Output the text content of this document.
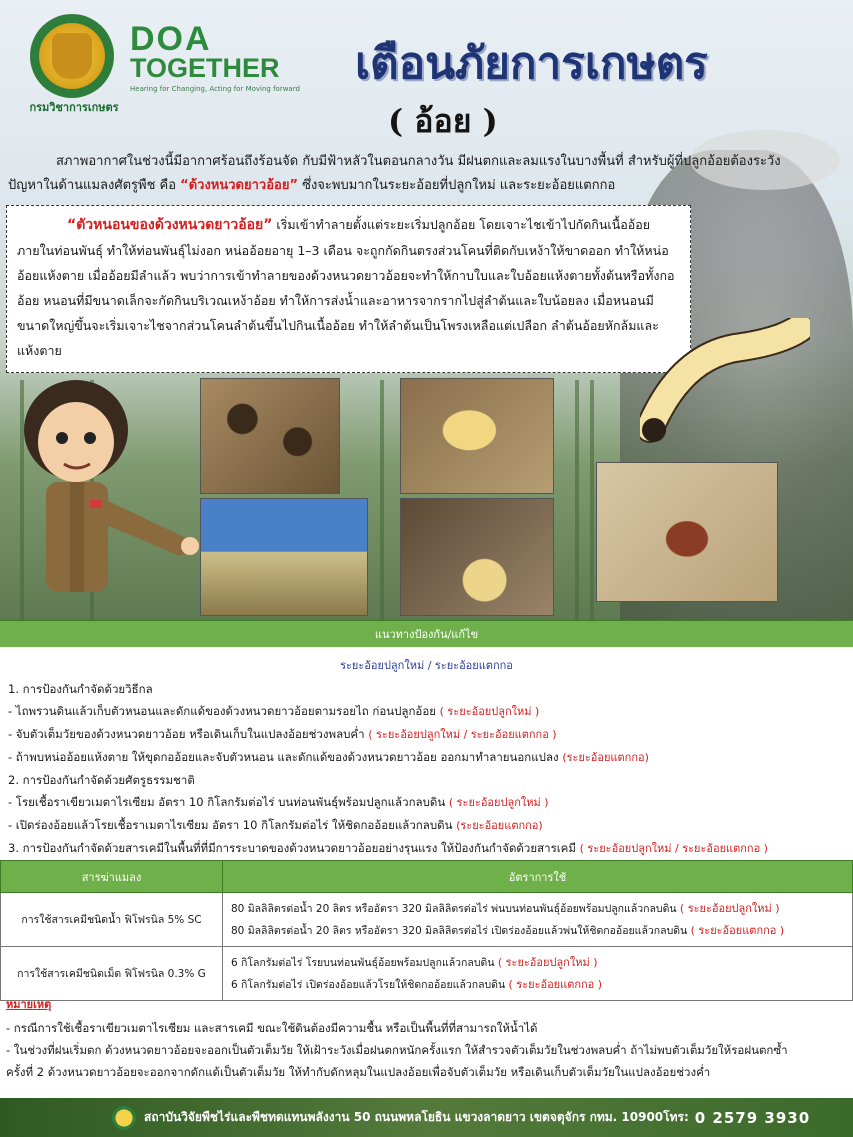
กรมวิชาการเกษตร
DOA
TOGETHER
Hearing for Changing, Acting for Moving forward เตือนภัยการเกษตร
( อ้อย )
สภาพอากาศในช่วงนี้มีอากาศร้อนถึงร้อนจัด กับมีฟ้าหลัวในตอนกลางวัน มีฝนตกและลมแรงในบางพื้นที่ สำหรับผู้ที่ปลูกอ้อยต้องระวังปัญหาในด้านแมลงศัตรูพืช คือ “ด้วงหนวดยาวอ้อย” ซึ่งจะพบมากในระยะอ้อยที่ปลูกใหม่ และระยะอ้อยแตกกอ
“ตัวหนอนของด้วงหนวดยาวอ้อย” เริ่มเข้าทำลายตั้งแต่ระยะเริ่มปลูกอ้อย โดยเจาะไชเข้าไปกัดกินเนื้ออ้อยภายในท่อนพันธุ์ ทำให้ท่อนพันธุ์ไม่งอก หน่ออ้อยอายุ 1–3 เดือน จะถูกกัดกินตรงส่วนโคนที่ติดกับเหง้าให้ขาดออก ทำให้หน่ออ้อยแห้งตาย เมื่ออ้อยมีลำแล้ว พบว่าการเข้าทำลายของด้วงหนวดยาวอ้อยจะทำให้กาบใบและใบอ้อยแห้งตายทั้งต้นหรือทั้งกออ้อย หนอนที่มีขนาดเล็กจะกัดกินบริเวณเหง้าอ้อย ทำให้การส่งน้ำและอาหารจากรากไปสู่ลำต้นและใบน้อยลง เมื่อหนอนมีขนาดใหญ่ขึ้นจะเริ่มเจาะไชจากส่วนโคนลำต้นขึ้นไปกินเนื้ออ้อย ทำให้ลำต้นเป็นโพรงเหลือแต่เปลือก ลำต้นอ้อยหักล้มและแห้งตาย
แนวทางป้องกัน/แก้ไข
ระยะอ้อยปลูกใหม่ / ระยะอ้อยแตกกอ
1. การป้องกันกำจัดด้วยวิธีกล
- ไถพรวนดินแล้วเก็บตัวหนอนและดักแด้ของด้วงหนวดยาวอ้อยตามรอยไถ ก่อนปลูกอ้อย ( ระยะอ้อยปลูกใหม่ )
- จับตัวเต็มวัยของด้วงหนวดยาวอ้อย หรือเดินเก็บในแปลงอ้อยช่วงพลบค่ำ ( ระยะอ้อยปลูกใหม่ / ระยะอ้อยแตกกอ )
- ถ้าพบหน่ออ้อยแห้งตาย ให้ขุดกออ้อยและจับตัวหนอน และดักแด้ของด้วงหนวดยาวอ้อย ออกมาทำลายนอกแปลง (ระยะอ้อยแตกกอ)
2. การป้องกันกำจัดด้วยศัตรูธรรมชาติ
- โรยเชื้อราเขียวเมตาไรเซียม อัตรา 10 กิโลกรัมต่อไร่ บนท่อนพันธุ์พร้อมปลูกแล้วกลบดิน ( ระยะอ้อยปลูกใหม่ )
- เปิดร่องอ้อยแล้วโรยเชื้อราเมตาไรเซียม อัตรา 10 กิโลกรัมต่อไร่ ให้ชิดกออ้อยแล้วกลบดิน (ระยะอ้อยแตกกอ)
3. การป้องกันกำจัดด้วยสารเคมีในพื้นที่ที่มีการระบาดของด้วงหนวดยาวอ้อยอย่างรุนแรง ให้ป้องกันกำจัดด้วยสารเคมี ( ระยะอ้อยปลูกใหม่ / ระยะอ้อยแตกกอ )
สารฆ่าแมลง	อัตราการใช้
การใช้สารเคมีชนิดน้ำ ฟิโฟรนิล 5% SC	80 มิลลิลิตรต่อน้ำ 20 ลิตร หรืออัตรา 320 มิลลิลิตรต่อไร่ พ่นบนท่อนพันธุ์อ้อยพร้อมปลูกแล้วกลบดิน ( ระยะอ้อยปลูกใหม่ )
80 มิลลิลิตรต่อน้ำ 20 ลิตร หรืออัตรา 320 มิลลิลิตรต่อไร่ เปิดร่องอ้อยแล้วพ่นให้ชิดกออ้อยแล้วกลบดิน ( ระยะอ้อยแตกกอ )

การใช้สารเคมีชนิดเม็ด ฟิโฟรนิล 0.3% G	6 กิโลกรัมต่อไร่ โรยบนท่อนพันธุ์อ้อยพร้อมปลูกแล้วกลบดิน ( ระยะอ้อยปลูกใหม่ )
6 กิโลกรัมต่อไร่ เปิดร่องอ้อยแล้วโรยให้ชิดกออ้อยแล้วกลบดิน ( ระยะอ้อยแตกกอ )
หมายเหตุ
- กรณีการใช้เชื้อราเขียวเมตาไรเซียม และสารเคมี ขณะใช้ดินต้องมีความชื้น หรือเป็นพื้นที่ที่สามารถให้น้ำได้
- ในช่วงที่ฝนเริ่มตก ด้วงหนวดยาวอ้อยจะออกเป็นตัวเต็มวัย ให้เฝ้าระวังเมื่อฝนตกหนักครั้งแรก ให้สำรวจตัวเต็มวัยในช่วงพลบค่ำ ถ้าไม่พบตัวเต็มวัยให้รอฝนตกซ้ำ
ครั้งที่ 2 ด้วงหนวดยาวอ้อยจะออกจากดักแด้เป็นตัวเต็มวัย ให้ทำกับดักหลุมในแปลงอ้อยเพื่อจับตัวเต็มวัย หรือเดินเก็บตัวเต็มวัยในแปลงอ้อยช่วงค่ำ
สถาบันวิจัยพืชไร่และพืชทดแทนพลังงาน 50 ถนนพหลโยธิน แขวงลาดยาว เขตจตุจักร กทม. 10900 โทร: 0 2579 3930
